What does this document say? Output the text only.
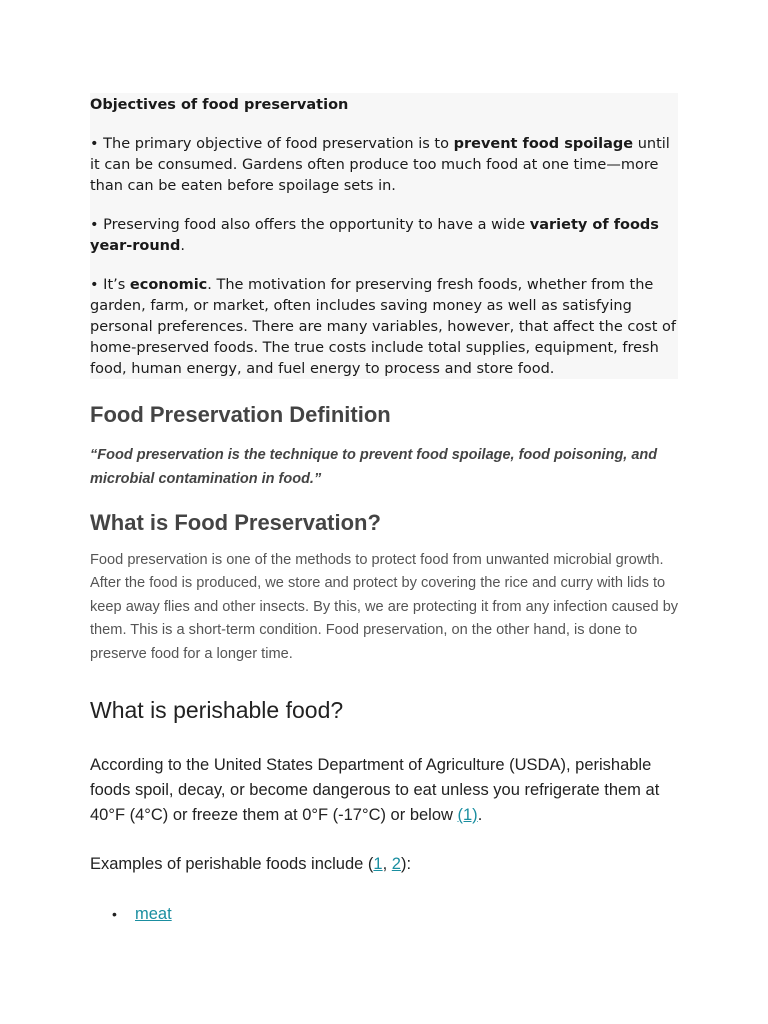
Objectives of food preservation

• The primary objective of food preservation is to prevent food spoilage until it can be consumed. Gardens often produce too much food at one time—more than can be eaten before spoilage sets in.

• Preserving food also offers the opportunity to have a wide variety of foods year-round.

• It’s economic. The motivation for preserving fresh foods, whether from the garden, farm, or market, often includes saving money as well as satisfying personal preferences. There are many variables, however, that affect the cost of home-preserved foods. The true costs include total supplies, equipment, fresh food, human energy, and fuel energy to process and store food.

Food Preservation Definition

“Food preservation is the technique to prevent food spoilage, food poisoning, and microbial contamination in food.”

What is Food Preservation?

Food preservation is one of the methods to protect food from unwanted microbial growth. After the food is produced, we store and protect by covering the rice and curry with lids to keep away flies and other insects. By this, we are protecting it from any infection caused by them. This is a short-term condition. Food preservation, on the other hand, is done to preserve food for a longer time.

What is perishable food?

According to the United States Department of Agriculture (USDA), perishable foods spoil, decay, or become dangerous to eat unless you refrigerate them at 40°F (4°C) or freeze them at 0°F (-17°C) or below (1).

Examples of perishable foods include (1, 2):

• meat
